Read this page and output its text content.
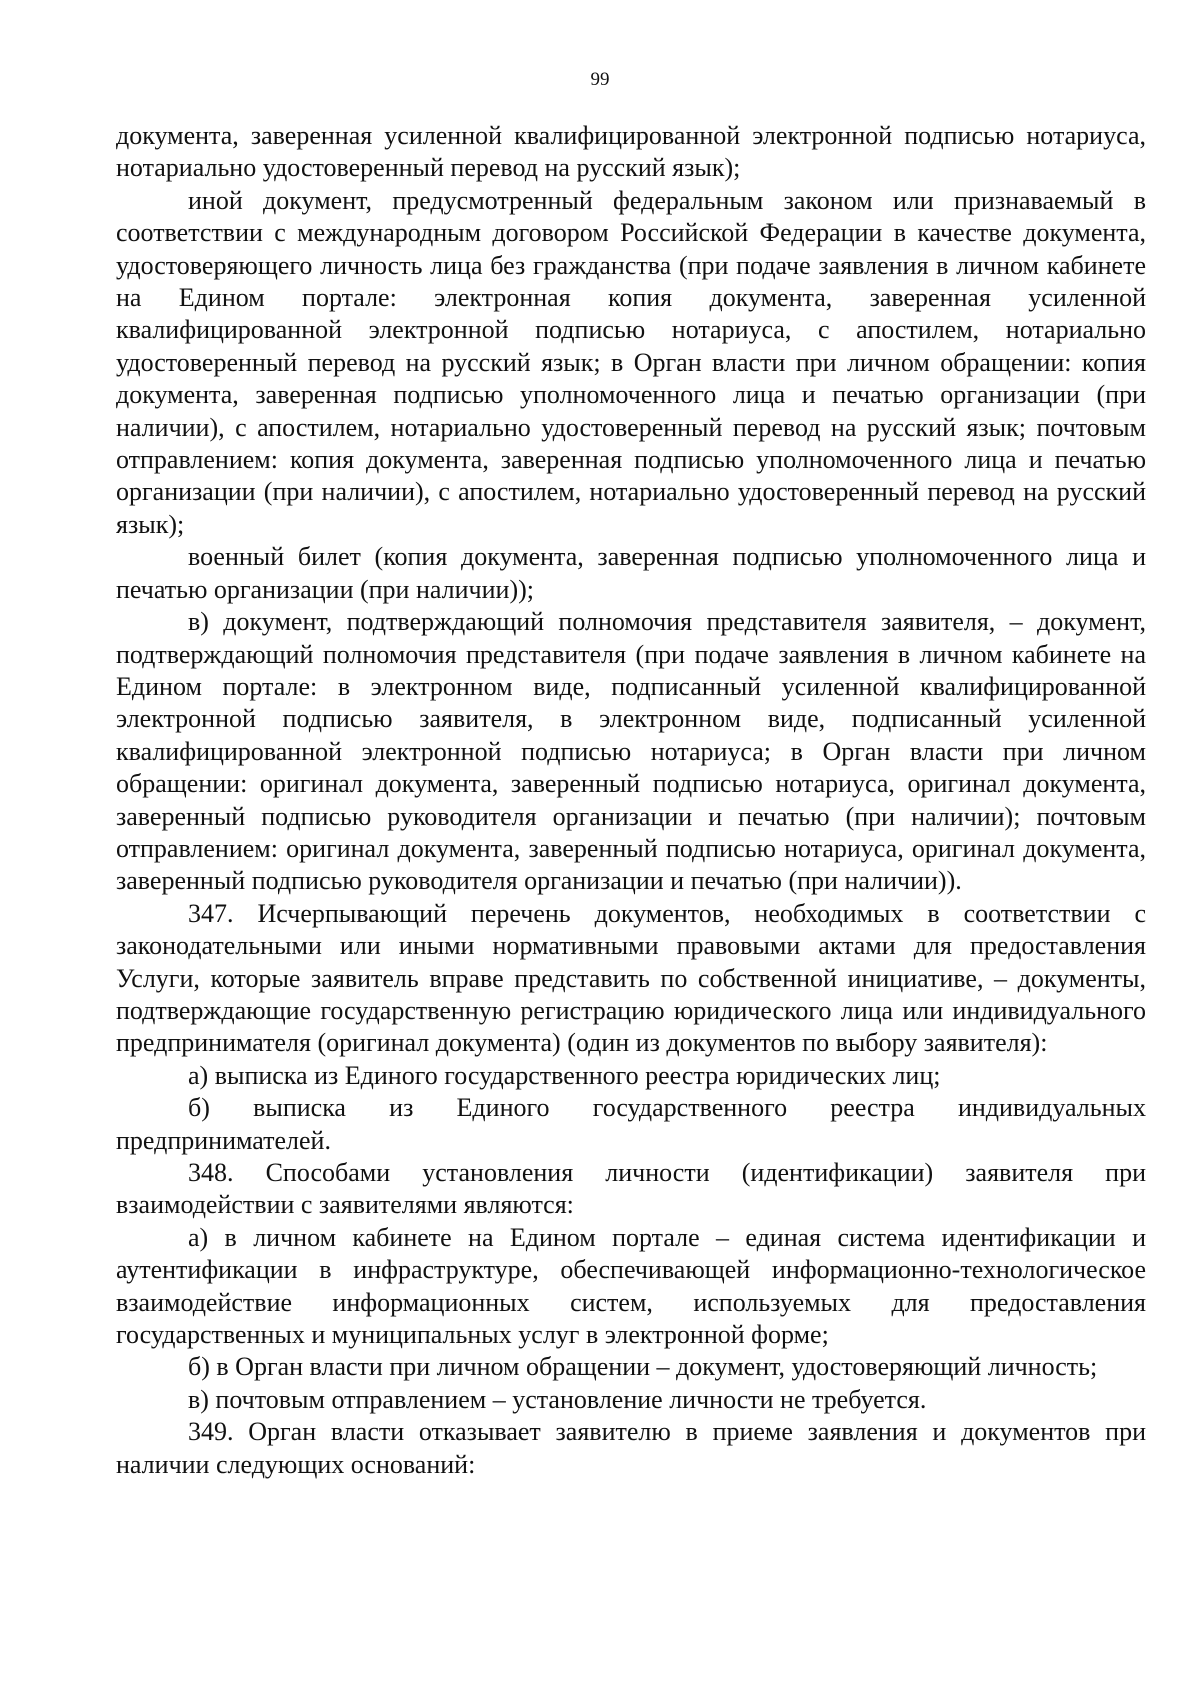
99

документа, заверенная усиленной квалифицированной электронной подписью нотариуса, нотариально удостоверенный перевод на русский язык);

иной документ, предусмотренный федеральным законом или признаваемый в соответствии с международным договором Российской Федерации в качестве документа, удостоверяющего личность лица без гражданства (при подаче заявления в личном кабинете на Едином портале: электронная копия документа, заверенная усиленной квалифицированной электронной подписью нотариуса, с апостилем, нотариально удостоверенный перевод на русский язык; в Орган власти при личном обращении: копия документа, заверенная подписью уполномоченного лица и печатью организации (при наличии), с апостилем, нотариально удостоверенный перевод на русский язык; почтовым отправлением: копия документа, заверенная подписью уполномоченного лица и печатью организации (при наличии), с апостилем, нотариально удостоверенный перевод на русский язык);

военный билет (копия документа, заверенная подписью уполномоченного лица и печатью организации (при наличии));

в) документ, подтверждающий полномочия представителя заявителя, – документ, подтверждающий полномочия представителя (при подаче заявления в личном кабинете на Едином портале: в электронном виде, подписанный усиленной квалифицированной электронной подписью заявителя, в электронном виде, подписанный усиленной квалифицированной электронной подписью нотариуса; в Орган власти при личном обращении: оригинал документа, заверенный подписью нотариуса, оригинал документа, заверенный подписью руководителя организации и печатью (при наличии); почтовым отправлением: оригинал документа, заверенный подписью нотариуса, оригинал документа, заверенный подписью руководителя организации и печатью (при наличии)).

347. Исчерпывающий перечень документов, необходимых в соответствии с законодательными или иными нормативными правовыми актами для предоставления Услуги, которые заявитель вправе представить по собственной инициативе, – документы, подтверждающие государственную регистрацию юридического лица или индивидуального предпринимателя (оригинал документа) (один из документов по выбору заявителя):

а) выписка из Единого государственного реестра юридических лиц;

б) выписка из Единого государственного реестра индивидуальных предпринимателей.

348. Способами установления личности (идентификации) заявителя при взаимодействии с заявителями являются:

а) в личном кабинете на Едином портале – единая система идентификации и аутентификации в инфраструктуре, обеспечивающей информационно-технологическое взаимодействие информационных систем, используемых для предоставления государственных и муниципальных услуг в электронной форме;

б) в Орган власти при личном обращении – документ, удостоверяющий личность;

в) почтовым отправлением – установление личности не требуется.

349. Орган власти отказывает заявителю в приеме заявления и документов при наличии следующих оснований:
